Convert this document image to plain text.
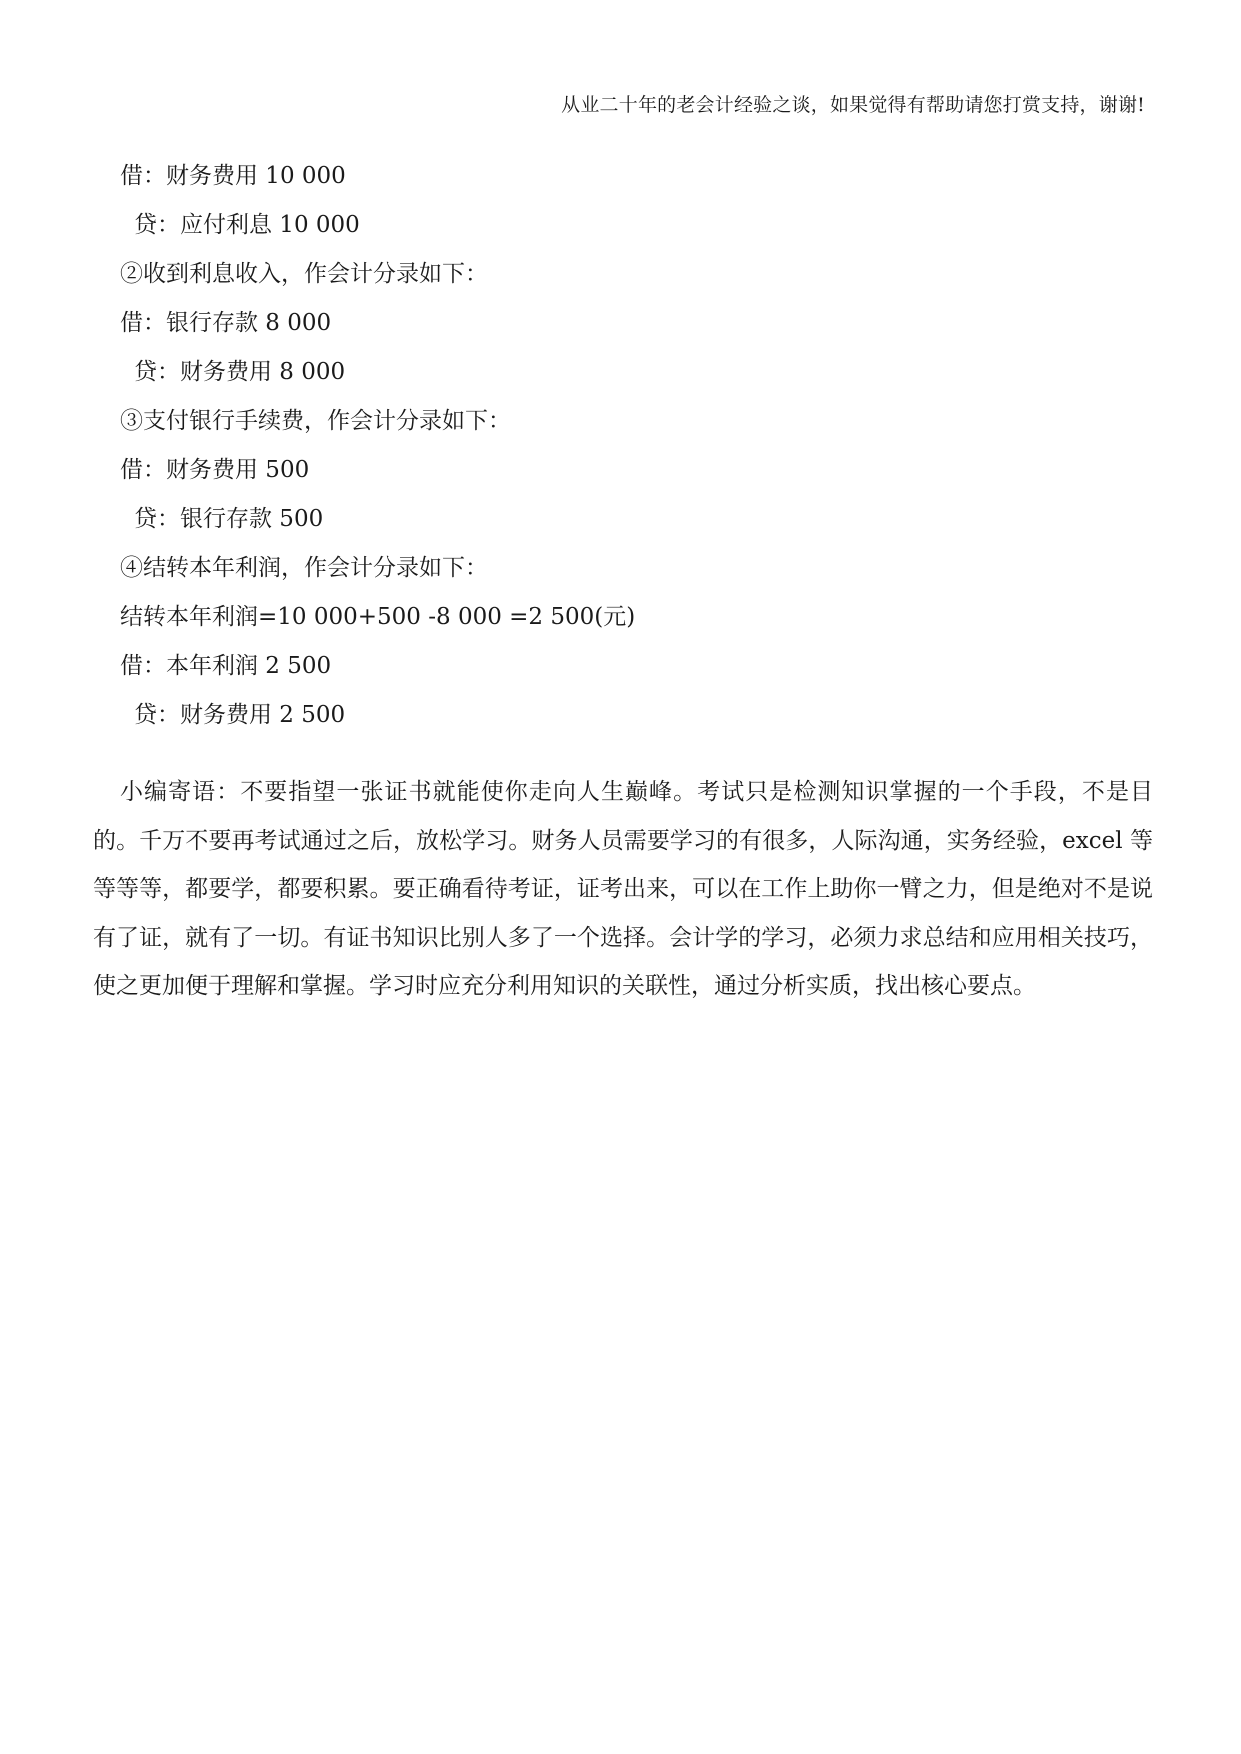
从业二十年的老会计经验之谈，如果觉得有帮助请您打赏支持，谢谢!
借：财务费用 10 000
贷：应付利息 10 000
②收到利息收入，作会计分录如下：
借：银行存款 8 000
贷：财务费用 8 000
③支付银行手续费，作会计分录如下：
借：财务费用 500
贷：银行存款 500
④结转本年利润，作会计分录如下：
结转本年利润=10 000+500 -8 000 =2 500(元)
借：本年利润 2 500
贷：财务费用 2 500

小编寄语：不要指望一张证书就能使你走向人生巅峰。考试只是检测知识掌握的一个手段，不是目的。千万不要再考试通过之后，放松学习。财务人员需要学习的有很多，人际沟通，实务经验，excel 等等等等，都要学，都要积累。要正确看待考证，证考出来，可以在工作上助你一臂之力，但是绝对不是说有了证，就有了一切。有证书知识比别人多了一个选择。会计学的学习，必须力求总结和应用相关技巧，使之更加便于理解和掌握。学习时应充分利用知识的关联性，通过分析实质，找出核心要点。
